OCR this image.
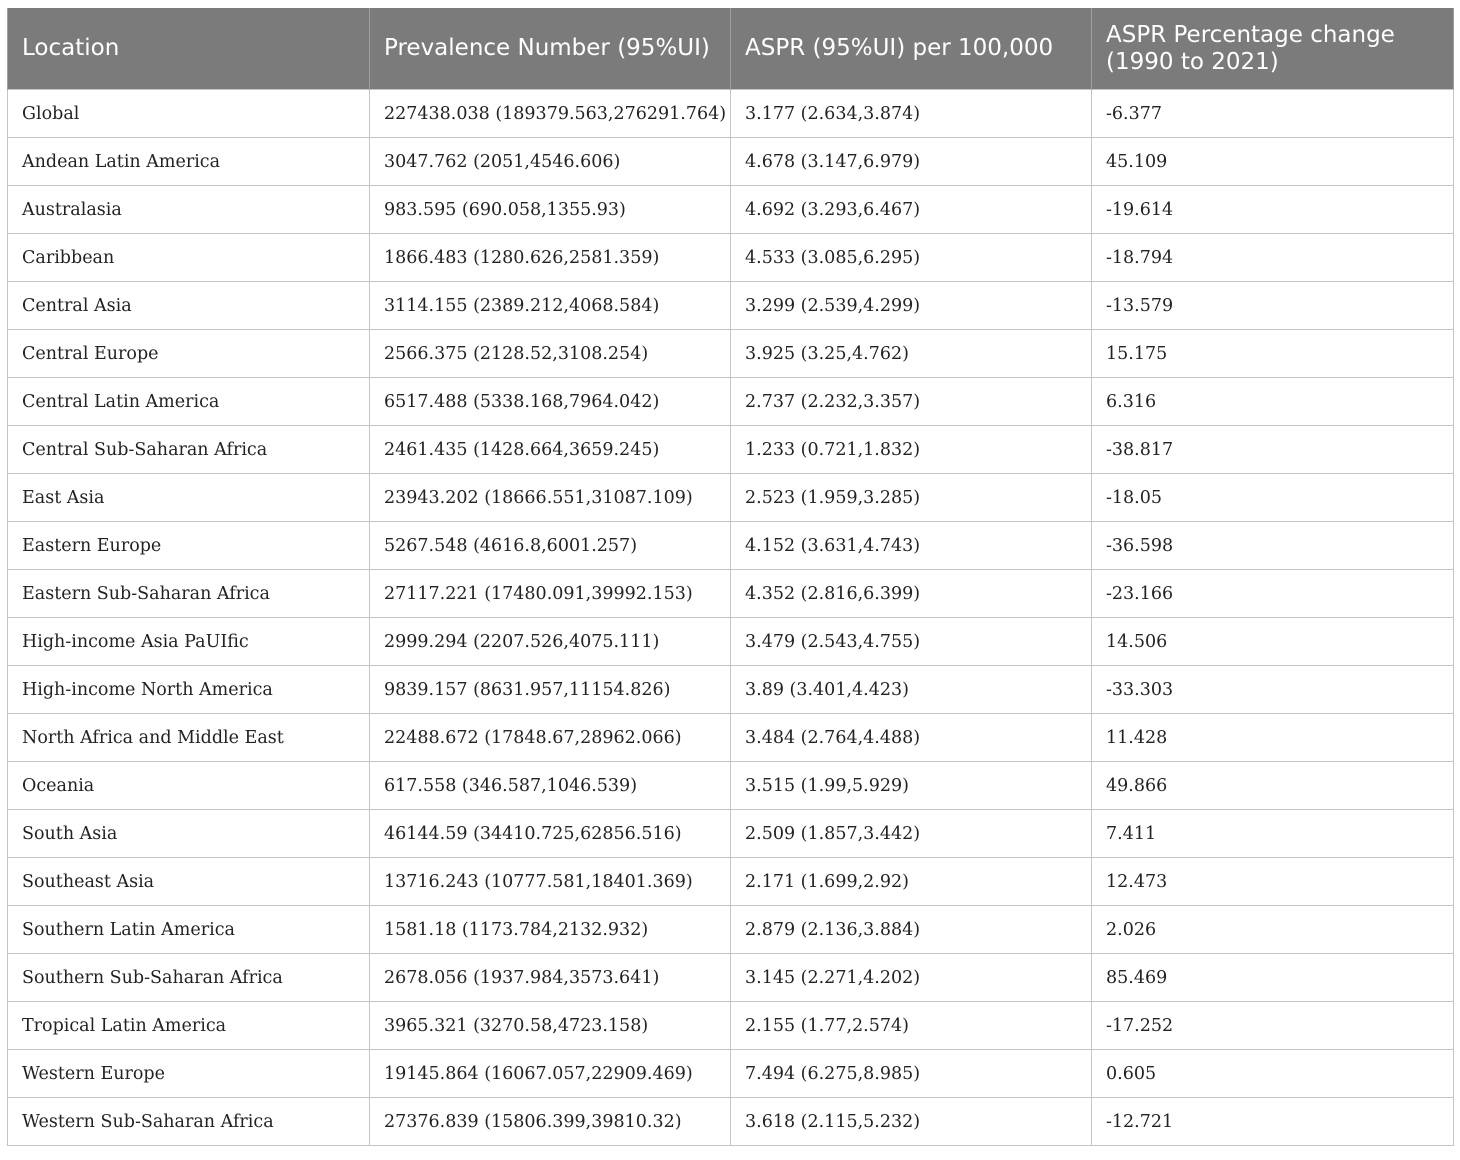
Location	Prevalence Number (95%UI)	ASPR (95%UI) per 100,000	ASPR Percentage change (1990 to 2021)
Global	227438.038 (189379.563,276291.764)	3.177 (2.634,3.874)	-6.377
Andean Latin America	3047.762 (2051,4546.606)	4.678 (3.147,6.979)	45.109
Australasia	983.595 (690.058,1355.93)	4.692 (3.293,6.467)	-19.614
Caribbean	1866.483 (1280.626,2581.359)	4.533 (3.085,6.295)	-18.794
Central Asia	3114.155 (2389.212,4068.584)	3.299 (2.539,4.299)	-13.579
Central Europe	2566.375 (2128.52,3108.254)	3.925 (3.25,4.762)	15.175
Central Latin America	6517.488 (5338.168,7964.042)	2.737 (2.232,3.357)	6.316
Central Sub-Saharan Africa	2461.435 (1428.664,3659.245)	1.233 (0.721,1.832)	-38.817
East Asia	23943.202 (18666.551,31087.109)	2.523 (1.959,3.285)	-18.05
Eastern Europe	5267.548 (4616.8,6001.257)	4.152 (3.631,4.743)	-36.598
Eastern Sub-Saharan Africa	27117.221 (17480.091,39992.153)	4.352 (2.816,6.399)	-23.166
High-income Asia PaUIfic	2999.294 (2207.526,4075.111)	3.479 (2.543,4.755)	14.506
High-income North America	9839.157 (8631.957,11154.826)	3.89 (3.401,4.423)	-33.303
North Africa and Middle East	22488.672 (17848.67,28962.066)	3.484 (2.764,4.488)	11.428
Oceania	617.558 (346.587,1046.539)	3.515 (1.99,5.929)	49.866
South Asia	46144.59 (34410.725,62856.516)	2.509 (1.857,3.442)	7.411
Southeast Asia	13716.243 (10777.581,18401.369)	2.171 (1.699,2.92)	12.473
Southern Latin America	1581.18 (1173.784,2132.932)	2.879 (2.136,3.884)	2.026
Southern Sub-Saharan Africa	2678.056 (1937.984,3573.641)	3.145 (2.271,4.202)	85.469
Tropical Latin America	3965.321 (3270.58,4723.158)	2.155 (1.77,2.574)	-17.252
Western Europe	19145.864 (16067.057,22909.469)	7.494 (6.275,8.985)	0.605
Western Sub-Saharan Africa	27376.839 (15806.399,39810.32)	3.618 (2.115,5.232)	-12.721
